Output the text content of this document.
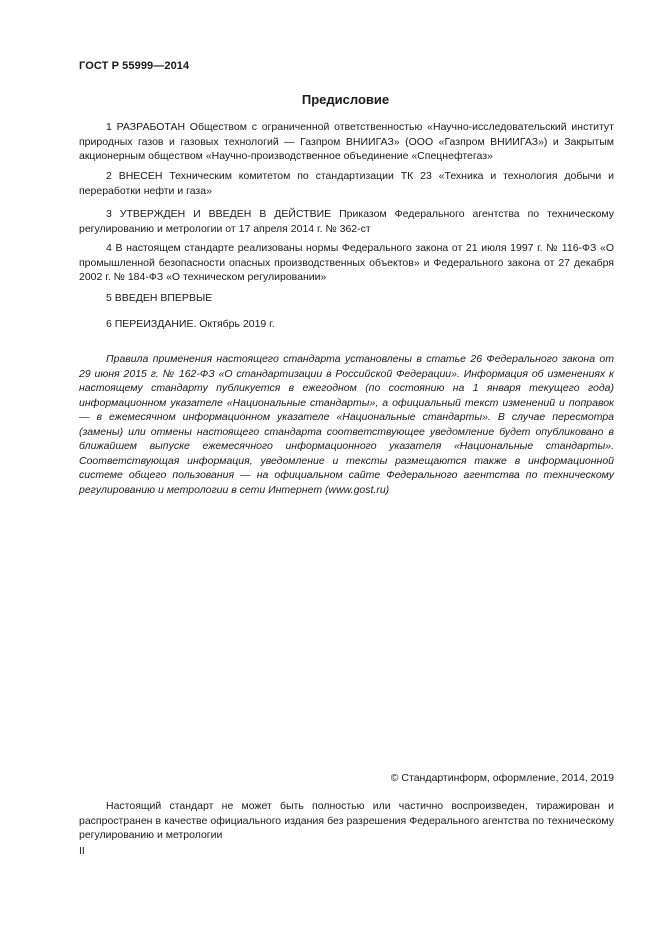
ГОСТ Р 55999—2014
Предисловие
1 РАЗРАБОТАН Обществом с ограниченной ответственностью «Научно-исследовательский институт природных газов и газовых технологий — Газпром ВНИИГАЗ» (ООО «Газпром ВНИИГАЗ») и Закрытым акционерным обществом «Научно-производственное объединение «Спецнефтегаз»
2 ВНЕСЕН Техническим комитетом по стандартизации ТК 23 «Техника и технология добычи и переработки нефти и газа»
3 УТВЕРЖДЕН И ВВЕДЕН В ДЕЙСТВИЕ Приказом Федерального агентства по техническому регулированию и метрологии от 17 апреля 2014 г. № 362-ст
4 В настоящем стандарте реализованы нормы Федерального закона от 21 июля 1997 г. № 116-ФЗ «О промышленной безопасности опасных производственных объектов» и Федерального закона от 27 декабря 2002 г. № 184-ФЗ «О техническом регулировании»
5 ВВЕДЕН ВПЕРВЫЕ
6 ПЕРЕИЗДАНИЕ. Октябрь 2019 г.
Правила применения настоящего стандарта установлены в статье 26 Федерального закона от 29 июня 2015 г. № 162-ФЗ «О стандартизации в Российской Федерации». Информация об изменениях к настоящему стандарту публикуется в ежегодном (по состоянию на 1 января текущего года) информационном указателе «Национальные стандарты», а официальный текст изменений и поправок — в ежемесячном информационном указателе «Национальные стандарты». В случае пересмотра (замены) или отмены настоящего стандарта соответствующее уведомление будет опубликовано в ближайшем выпуске ежемесячного информационного указателя «Национальные стандарты». Соответствующая информация, уведомление и тексты размещаются также в информационной системе общего пользования — на официальном сайте Федерального агентства по техническому регулированию и метрологии в сети Интернет (www.gost.ru)
© Стандартинформ, оформление, 2014, 2019
Настоящий стандарт не может быть полностью или частично воспроизведен, тиражирован и распространен в качестве официального издания без разрешения Федерального агентства по техническому регулированию и метрологии
II
